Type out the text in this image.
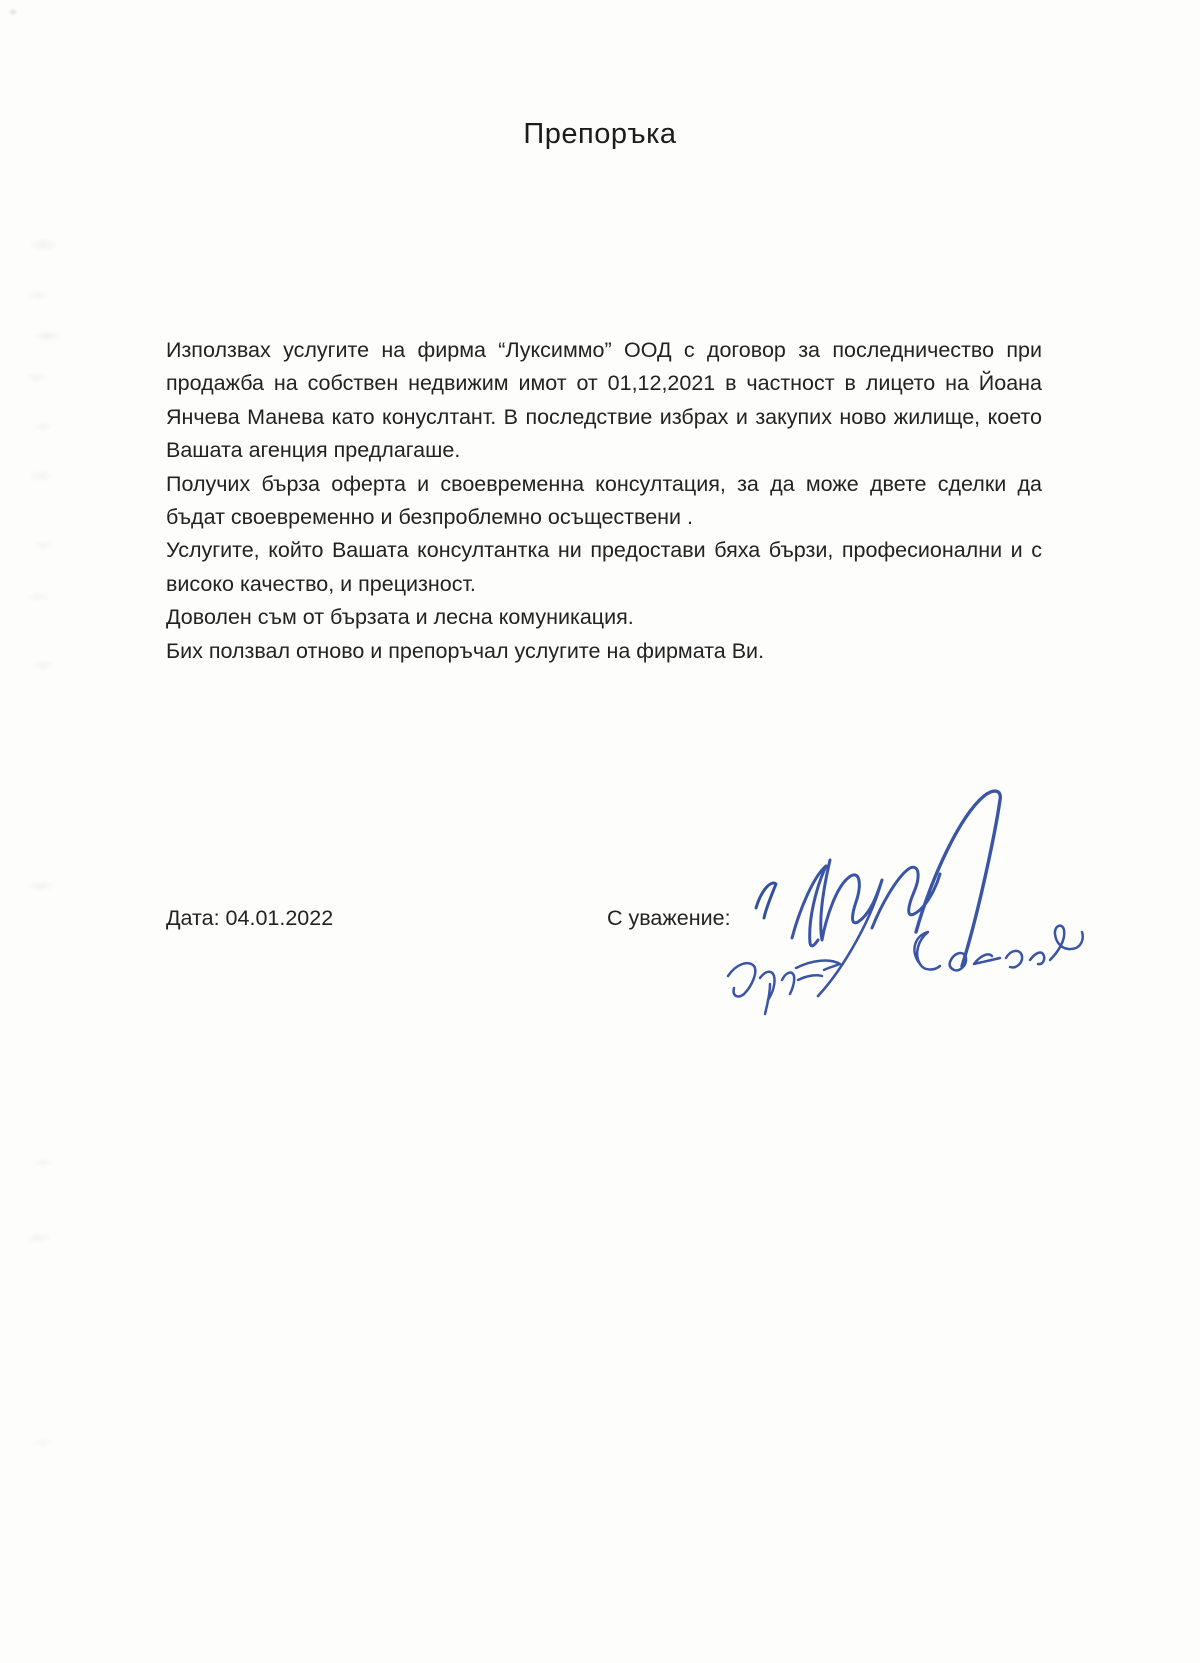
Препоръка

Използвах услугите на фирма “Луксиммо” ООД с договор за последничество при продажба на собствен недвижим имот от 01,12,2021 в частност в лицето на Йоана Янчева Манева като конуслтант. В последствие избрах и закупих ново жилище, което Вашата агенция предлагаше.

Получих бърза оферта и своевременна консултация, за да може двете сделки да бъдат своевременно и безпроблемно осъществени .

Услугите, който Вашата консултантка ни предостави бяха бързи, професионални и с високо качество, и прецизност.

Доволен съм от бързата и лесна комуникация.

Бих ползвал отново и препоръчал услугите на фирмата Ви.

Дата: 04.01.2022	С уважение:
